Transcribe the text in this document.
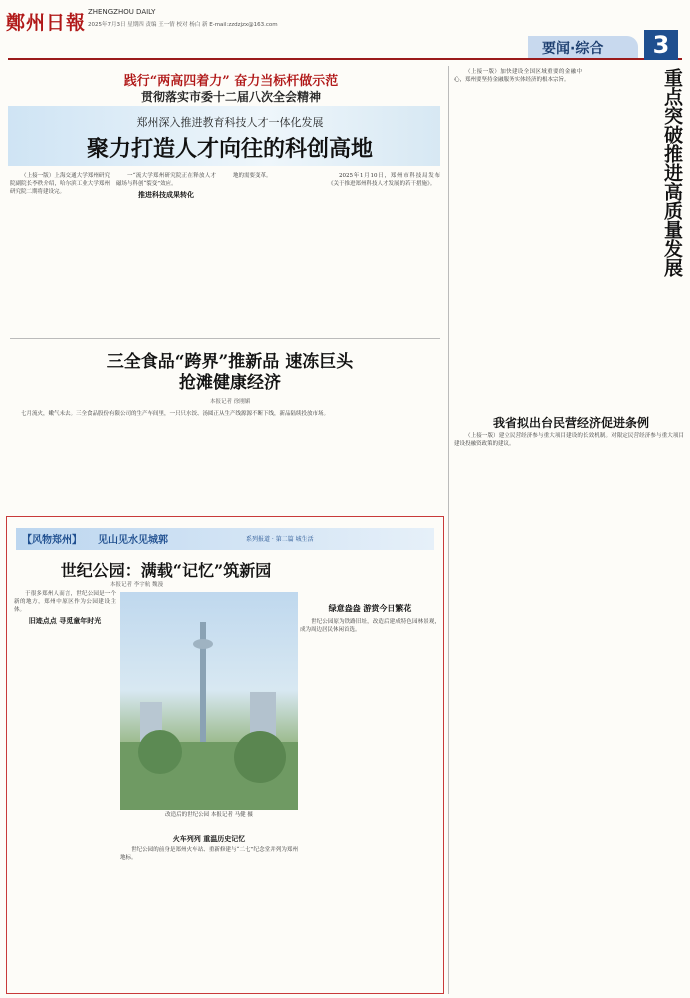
鄭州日報 ZHENGZHOU DAILY
2025年7月3日 星期四 责编 王一情 校对 杨白 新 E-mail:zzdzjzx@163.com
要闻·综合	3
践行“两高四着力” 奋力当标杆做示范
贯彻落实市委十二届八次全会精神
郑州深入推进教育科技人才一体化发展
聚力打造人才向往的科创高地

（上接一版）上海交通大学郑州研究院副院长李秩介绍，哈尔滨工业大学郑州研究院二期将建设完。

一“流大学郑州研究院正在释放人才磁场与科创“裂变”效应。

推进科技成果转化

地的需要变革。	2025年1月10日，郑州市科技局发布《关于推进郑州科技人才发展的若干措施》。

三全食品“跨界”推新品 速冻巨头抢滩健康经济
本报记者 徐刚媚

七月流火，嫩气未去。三全食品股份有限公司的生产车间里，一只只水饺、汤圆正从生产线源源不断下线，新品陆续投放市场。

重点突破推进高质量发展

（上接一版）加快建设全国区域重要的金融中心，郑州要坚持金融服务实体经济的根本宗旨。

我省拟出台民营经济促进条例

（上接一版）建立民营经济参与重大项目建设的长效机制。对限定民营经济参与重大项目建设投融资政策的建议。

【风物郑州】 见山见水见城郭	系列报道 · 第二篇 城生活
世纪公园：满载“记忆”筑新园
本报记者 李宇航 魏漫
改造后的世纪公园 本报记者 马健 摄

于很多郑州人而言，世纪公园是一个新的地方，郑州中原区作为公园建设主体。

旧迹点点 寻觅童年时光

火车列列 重温历史记忆

世纪公园的前身是郑州火车站、重新修建与“二七”纪念堂并列为郑州地标。

绿意盎盎 游赏今日繁花

世纪公园原为铁路旧址，改造后建成特色园林景观，成为周边居民休闲首选。
